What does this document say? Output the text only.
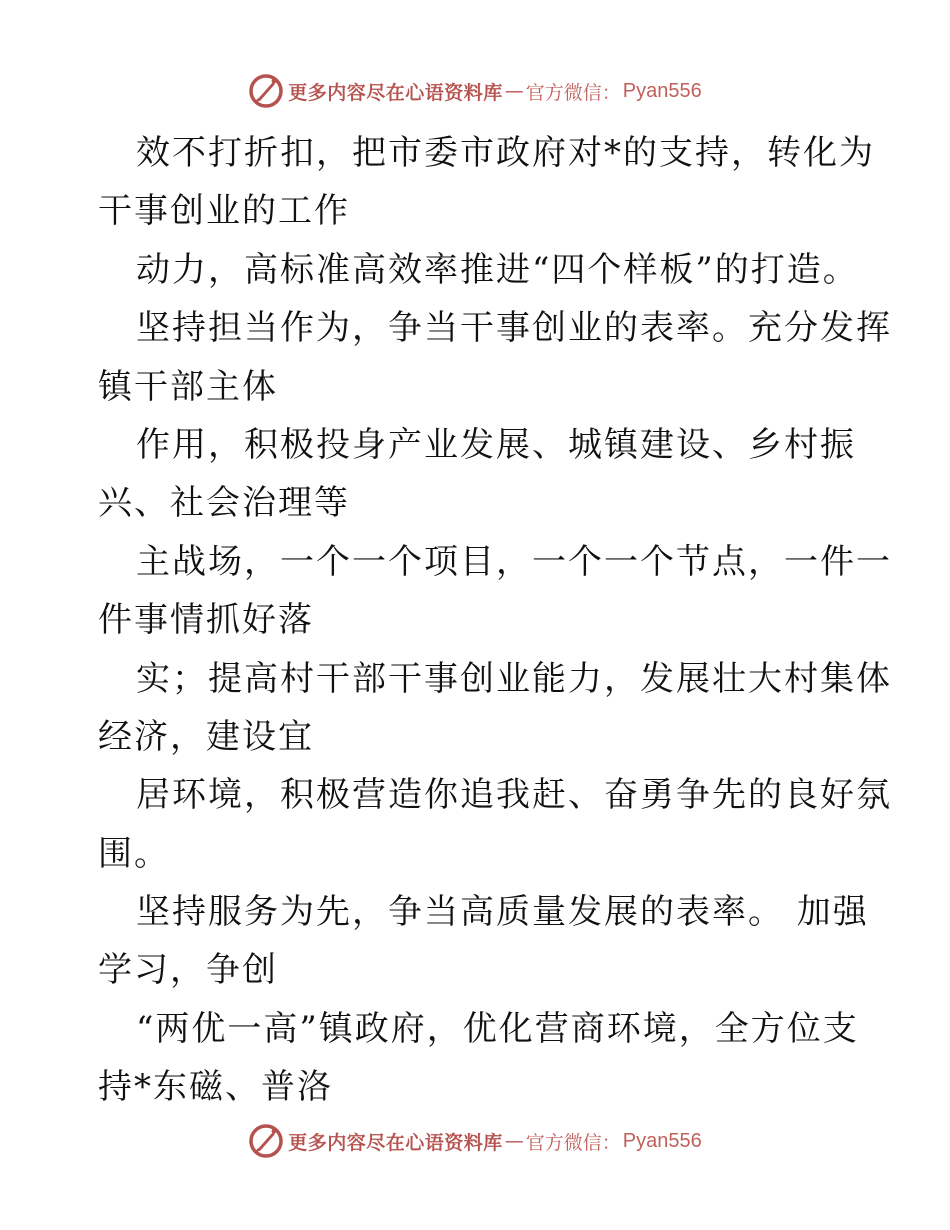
更多内容尽在心语资料库 — 官方微信： Pyan556
效不打折扣，把市委市政府对*的支持，转化为
干事创业的工作
动力，高标准高效率推进“四个样板”的打造。
坚持担当作为，争当干事创业的表率。充分发挥
镇干部主体
作用，积极投身产业发展、城镇建设、乡村振
兴、社会治理等
主战场，一个一个项目，一个一个节点，一件一
件事情抓好落
实；提高村干部干事创业能力，发展壮大村集体
经济，建设宜
居环境，积极营造你追我赶、奋勇争先的良好氛
围。
坚持服务为先，争当高质量发展的表率。 加强
学习，争创
“两优一高”镇政府，优化营商环境，全方位支
持*东磁、普洛
更多内容尽在心语资料库 — 官方微信： Pyan556
